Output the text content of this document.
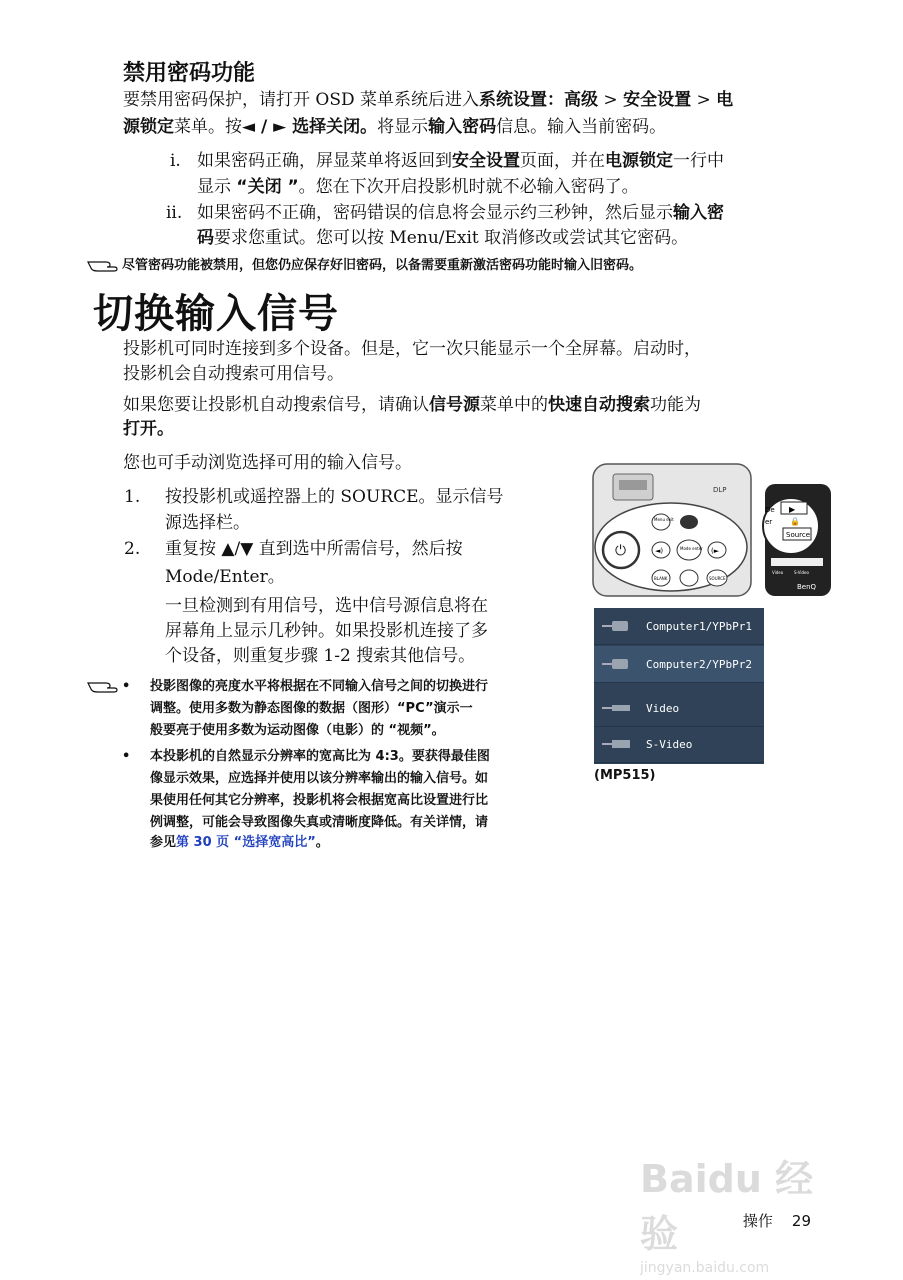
禁用密码功能
要禁用密码保护，请打开 OSD 菜单系统后进入系统设置：高级 > 安全设置 > 电
源锁定菜单。按◄ / ► 选择关闭。将显示输入密码信息。输入当前密码。
i. 如果密码正确，屏显菜单将返回到安全设置页面，并在电源锁定一行中
显示 “关闭 ”。您在下次开启投影机时就不必输入密码了。
ii. 如果密码不正确，密码错误的信息将会显示约三秒钟，然后显示输入密
码要求您重试。您可以按 Menu/Exit 取消修改或尝试其它密码。
尽管密码功能被禁用，但您仍应保存好旧密码，以备需要重新激活密码功能时输入旧密码。
切换输入信号
投影机可同时连接到多个设备。但是，它一次只能显示一个全屏幕。启动时，
投影机会自动搜索可用信号。
如果您要让投影机自动搜索信号，请确认信号源菜单中的快速自动搜索功能为
打开。
您也可手动浏览选择可用的输入信号。
1. 按投影机或遥控器上的 SOURCE。显示信号
源选择栏。
2. 重复按 ▲/▼ 直到选中所需信号，然后按
Mode/Enter。
一旦检测到有用信号，选中信号源信息将在
屏幕角上显示几秒钟。如果投影机连接了多
个设备，则重复步骤 1-2 搜索其他信号。
• 投影图像的亮度水平将根据在不同输入信号之间的切换进行
调整。使用多数为静态图像的数据（图形）“PC”演示一
般要亮于使用多数为运动图像（电影）的 “视频”。
• 本投影机的自然显示分辨率的宽高比为 4:3。要获得最佳图
像显示效果，应选择并使用以该分辨率输出的输入信号。如
果使用任何其它分辨率，投影机将会根据宽高比设置进行比
例调整，可能会导致图像失真或清晰度降低。有关详情，请
参见第 30 页 “选择宽高比”。
DLP
⏻
Menu exit
Mode enter
◄)	(►
BLANK	SOURCE
▶
🔒
Source
De
er
Video	S-Video
BenQ
Computer1/YPbPr1
Computer2/YPbPr2
Video
S-Video
(MP515)
Baidu 经验
jingyan.baidu.com
操作 29
